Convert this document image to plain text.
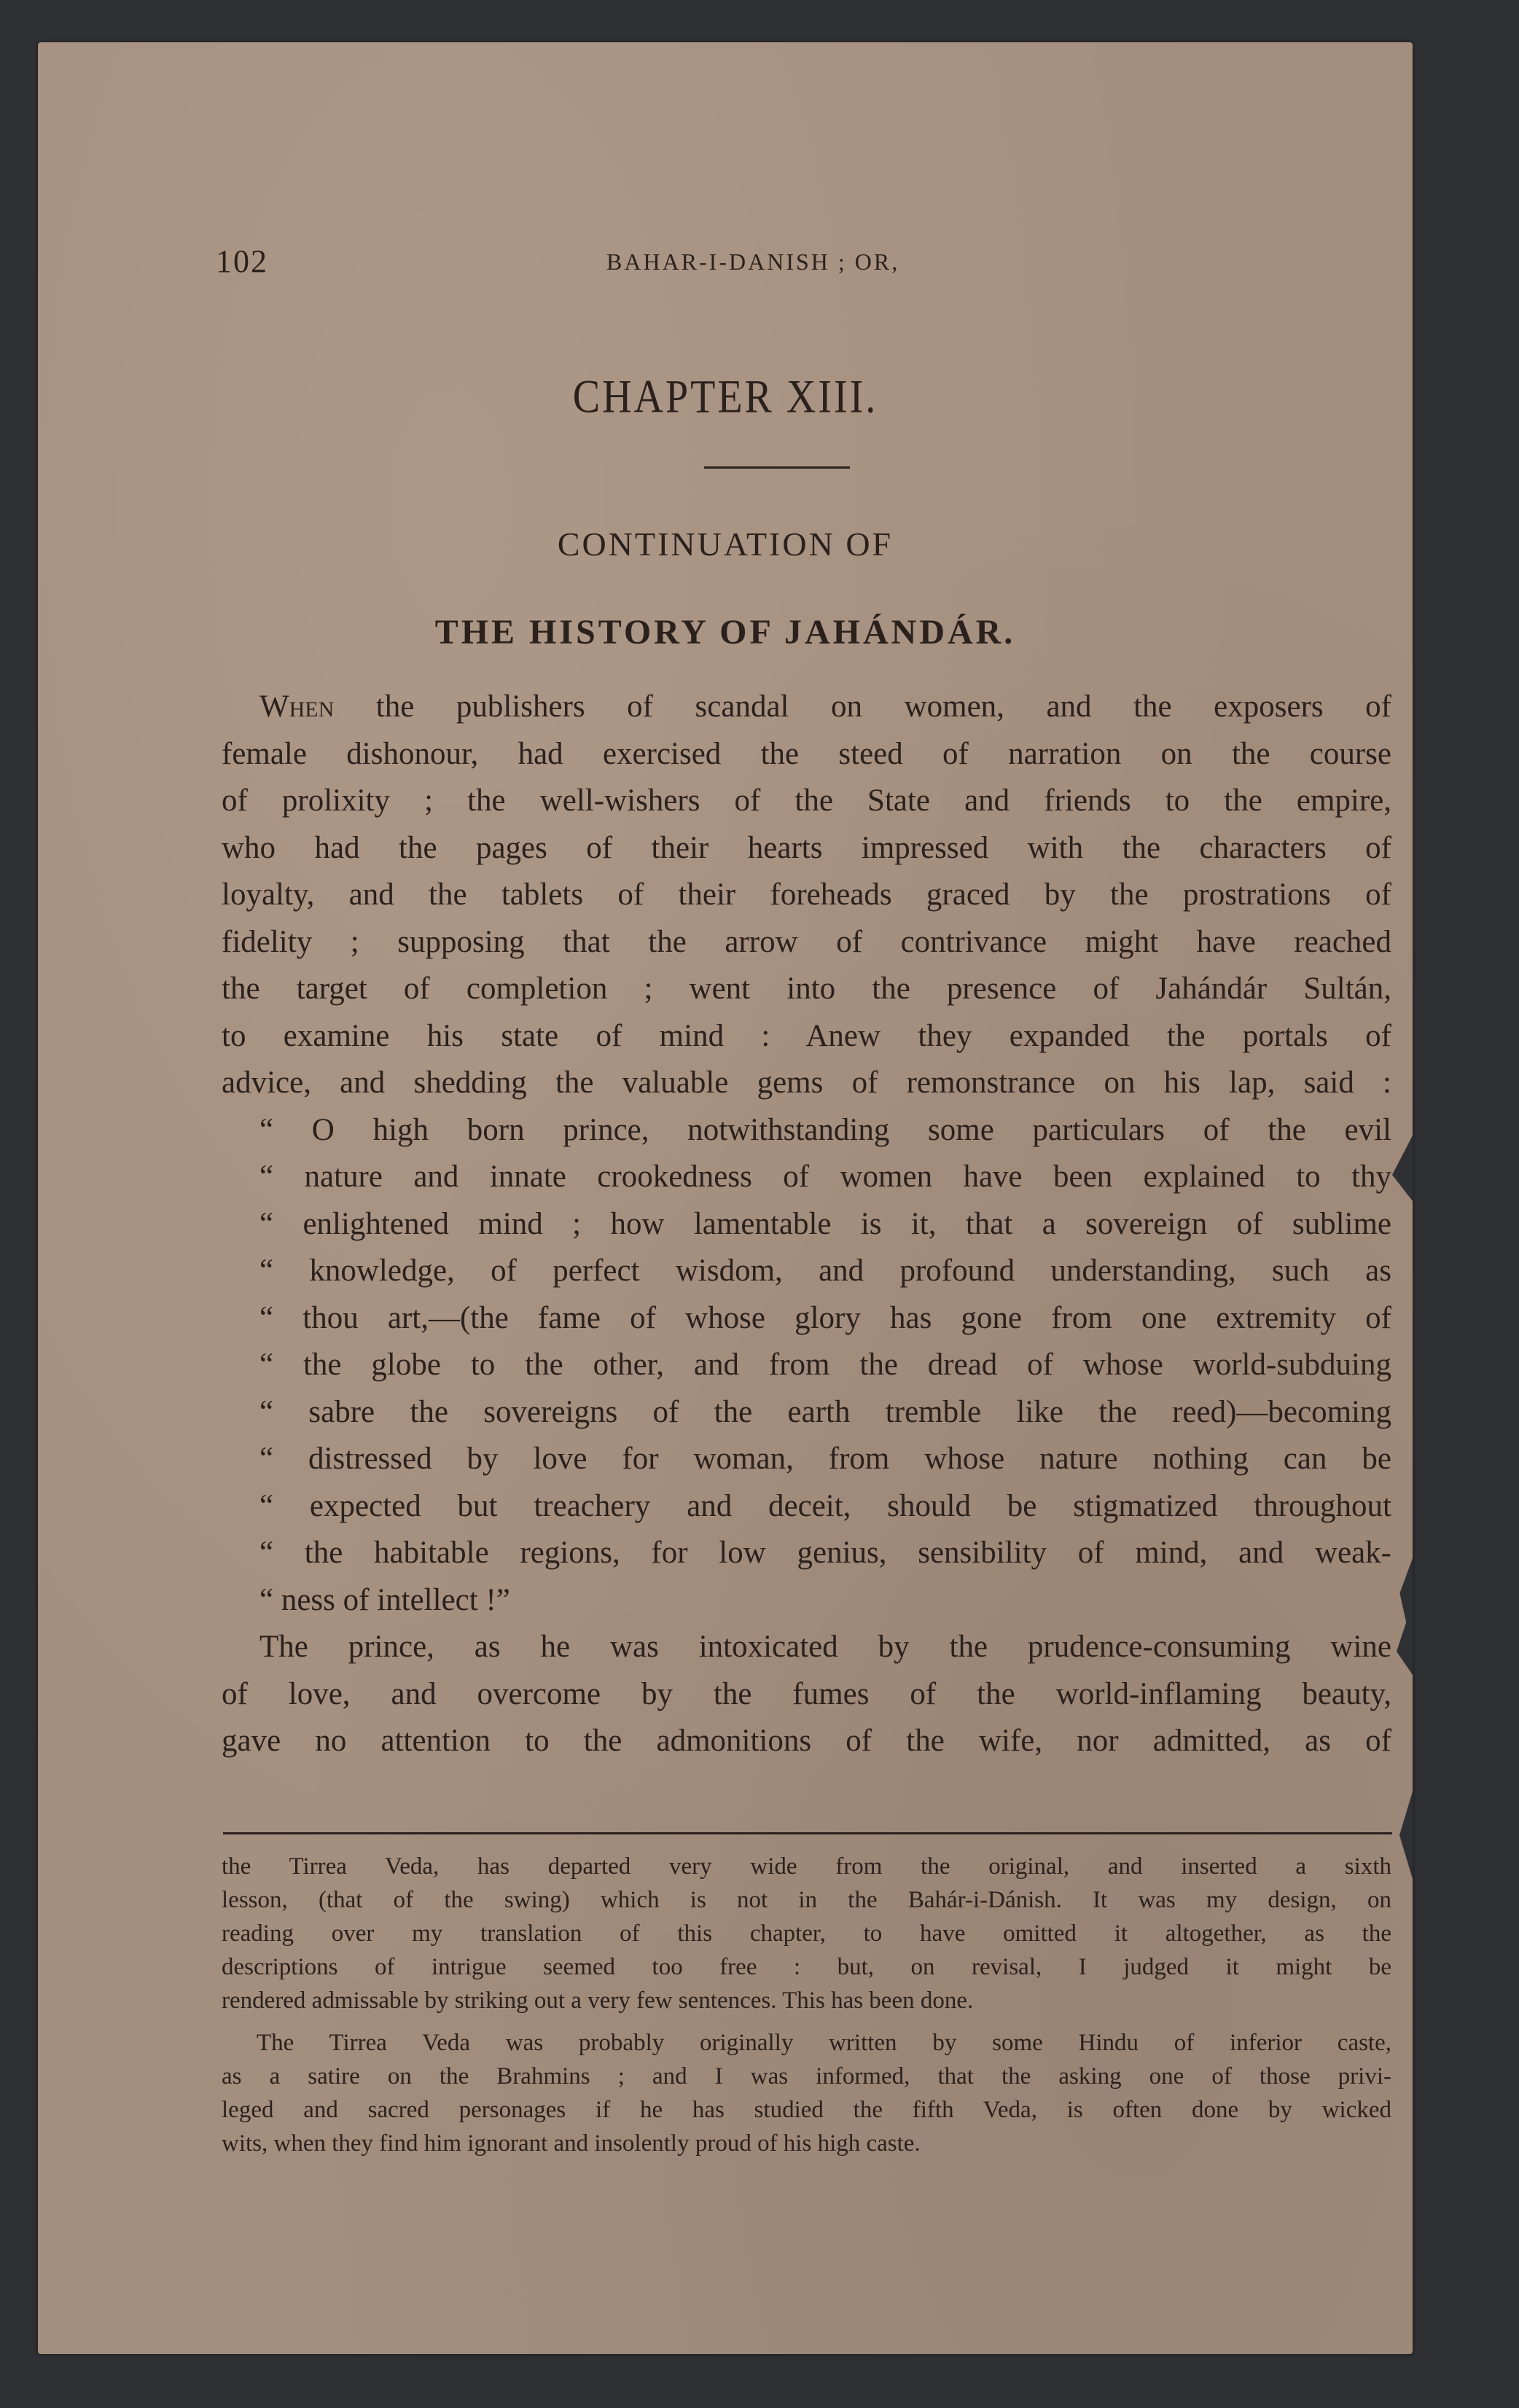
102	BAHAR-I-DANISH ; OR,
CHAPTER XIII.
CONTINUATION OF
THE HISTORY OF JAHÁNDÁR.
When the publishers of scandal on women, and the exposers of
female dishonour, had exercised the steed of narration on the course
of prolixity ; the well-wishers of the State and friends to the empire,
who had the pages of their hearts impressed with the characters of
loyalty, and the tablets of their foreheads graced by the prostrations of
fidelity ; supposing that the arrow of contrivance might have reached
the target of completion ; went into the presence of Jahándár Sultán,
to examine his state of mind : Anew they expanded the portals of
advice, and shedding the valuable gems of remonstrance on his lap, said :
“ O high born prince, notwithstanding some particulars of the evil
“ nature and innate crookedness of women have been explained to thy
“ enlightened mind ; how lamentable is it, that a sovereign of sublime
“ knowledge, of perfect wisdom, and profound understanding, such as
“ thou art,—(the fame of whose glory has gone from one extremity of
“ the globe to the other, and from the dread of whose world-subduing
“ sabre the sovereigns of the earth tremble like the reed)—becoming
“ distressed by love for woman, from whose nature nothing can be
“ expected but treachery and deceit, should be stigmatized throughout
“ the habitable regions, for low genius, sensibility of mind, and weak-
“ ness of intellect !”
The prince, as he was intoxicated by the prudence-consuming wine
of love, and overcome by the fumes of the world-inflaming beauty,
gave no attention to the admonitions of the wife, nor admitted, as of
the Tirrea Veda, has departed very wide from the original, and inserted a sixth
lesson, (that of the swing) which is not in the Bahár-i-Dánish. It was my design, on
reading over my translation of this chapter, to have omitted it altogether, as the
descriptions of intrigue seemed too free : but, on revisal, I judged it might be
rendered admissable by striking out a very few sentences. This has been done.
The Tirrea Veda was probably originally written by some Hindu of inferior caste,
as a satire on the Brahmins ; and I was informed, that the asking one of those privi-
leged and sacred personages if he has studied the fifth Veda, is often done by wicked
wits, when they find him ignorant and insolently proud of his high caste.
